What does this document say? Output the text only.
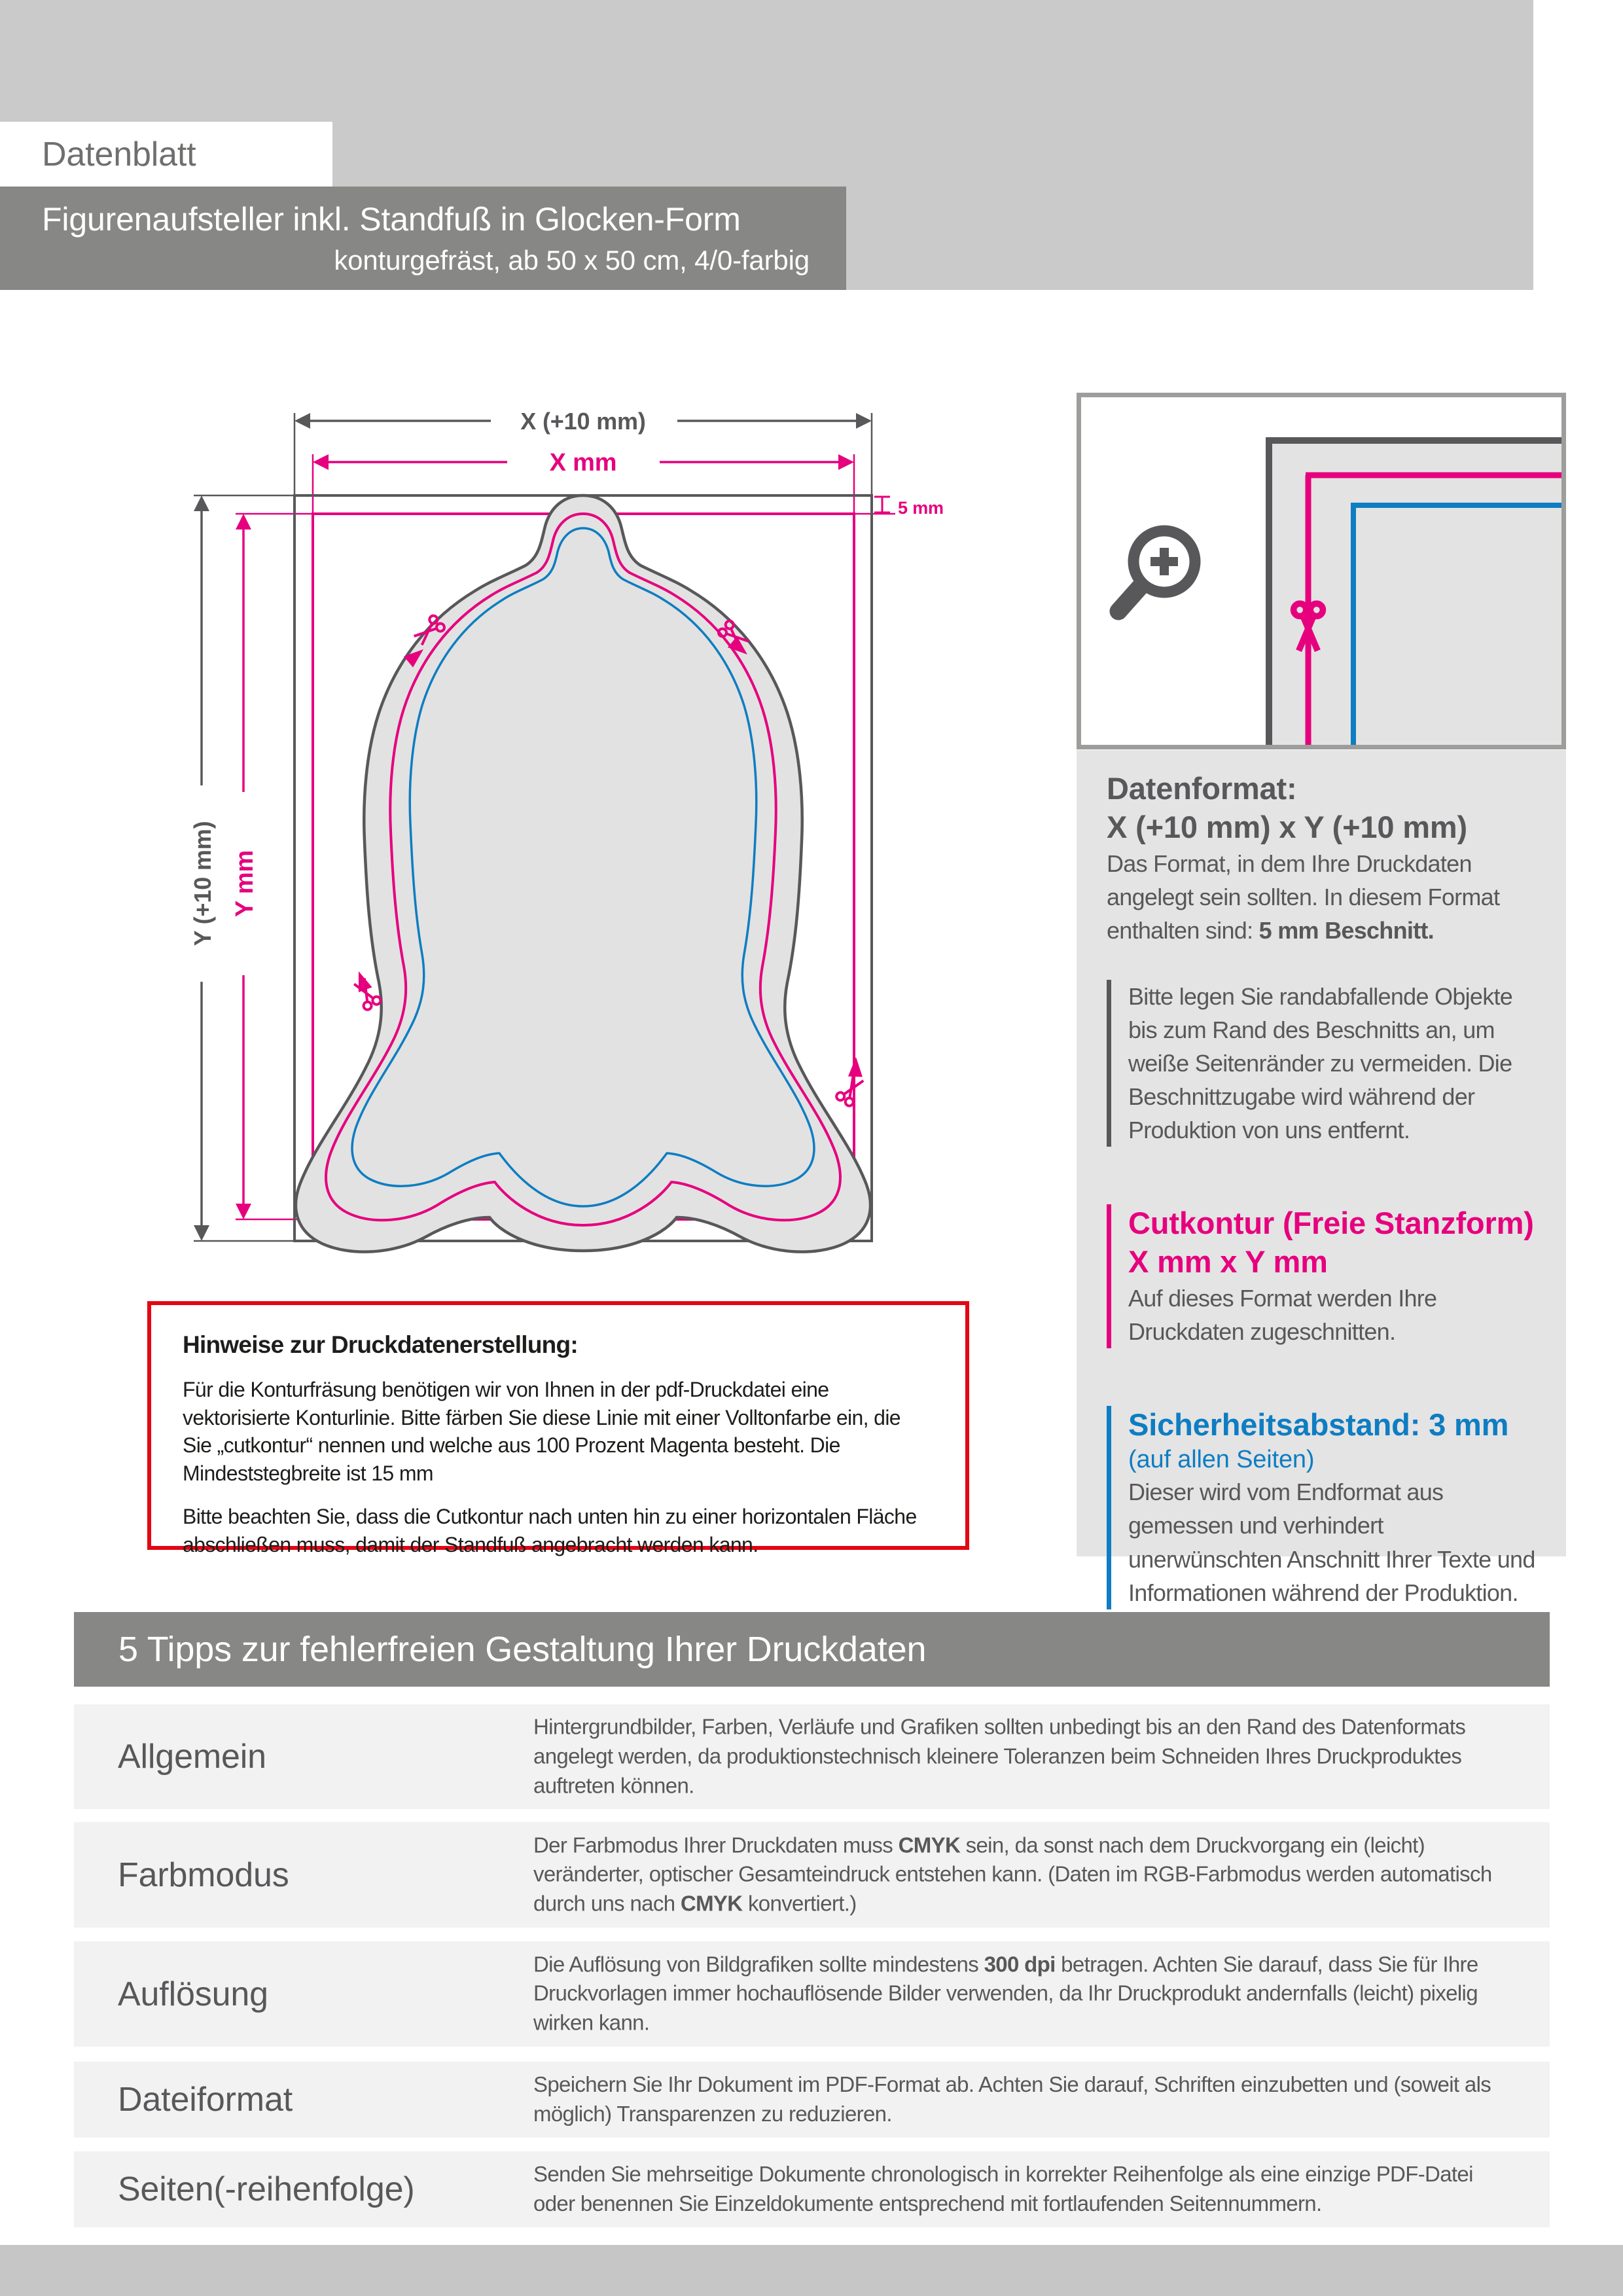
Datenblatt
Figurenaufsteller inkl. Standfuß in Glocken-Form
konturgefräst, ab 50 x 50 cm, 4/0-farbig
X (+10 mm)
X mm
Y (+10 mm) Y mm
5 mm
Datenformat:
X (+10 mm) x Y (+10 mm)
Das Format, in dem Ihre Druckdaten angelegt sein sollten. In diesem Format enthalten sind: 5 mm Beschnitt.
Bitte legen Sie randabfallende Objekte bis zum Rand des Beschnitts an, um weiße Seitenränder zu vermeiden. Die Beschnittzugabe wird während der Produktion von uns entfernt.
Cutkontur (Freie Stanzform)
X mm x Y mm
Auf dieses Format werden Ihre Druckdaten zugeschnitten.
Sicherheitsabstand: 3 mm
(auf allen Seiten)
Dieser wird vom Endformat aus gemessen und verhindert unerwünschten Anschnitt Ihrer Texte und Informationen während der Produktion.
Hinweise zur Druckdatenerstellung:

Für die Konturfräsung benötigen wir von Ihnen in der pdf-Druckdatei eine vektorisierte Konturlinie. Bitte färben Sie diese Linie mit einer Volltonfarbe ein, die Sie „cutkontur“ nennen und welche aus 100 Prozent Magenta besteht. Die Mindeststegbreite ist 15 mm

Bitte beachten Sie, dass die Cutkontur nach unten hin zu einer horizontalen Fläche abschließen muss, damit der Standfuß angebracht werden kann.

5 Tipps zur fehlerfreien Gestaltung Ihrer Druckdaten
Allgemein
Hintergrundbilder, Farben, Verläufe und Grafiken sollten unbedingt bis an den Rand des Datenformats angelegt werden, da produktionstechnisch kleinere Toleranzen beim Schneiden Ihres Druckproduktes auftreten können.
Farbmodus
Der Farbmodus Ihrer Druckdaten muss CMYK sein, da sonst nach dem Druckvorgang ein (leicht) veränderter, optischer Gesamteindruck entstehen kann. (Daten im RGB-Farbmodus werden automatisch durch uns nach CMYK konvertiert.)
Auflösung
Die Auflösung von Bildgrafiken sollte mindestens 300 dpi betragen. Achten Sie darauf, dass Sie für Ihre Druckvorlagen immer hochauflösende Bilder verwenden, da Ihr Druckprodukt andernfalls (leicht) pixelig wirken kann.
Dateiformat	Speichern Sie Ihr Dokument im PDF-Format ab. Achten Sie darauf, Schriften einzubetten und (soweit als möglich) Transparenzen zu reduzieren.
Seiten(-reihenfolge)	Senden Sie mehrseitige Dokumente chronologisch in korrekter Reihenfolge als eine einzige PDF-Datei oder benennen Sie Einzeldokumente entsprechend mit fortlaufenden Seitennummern.
